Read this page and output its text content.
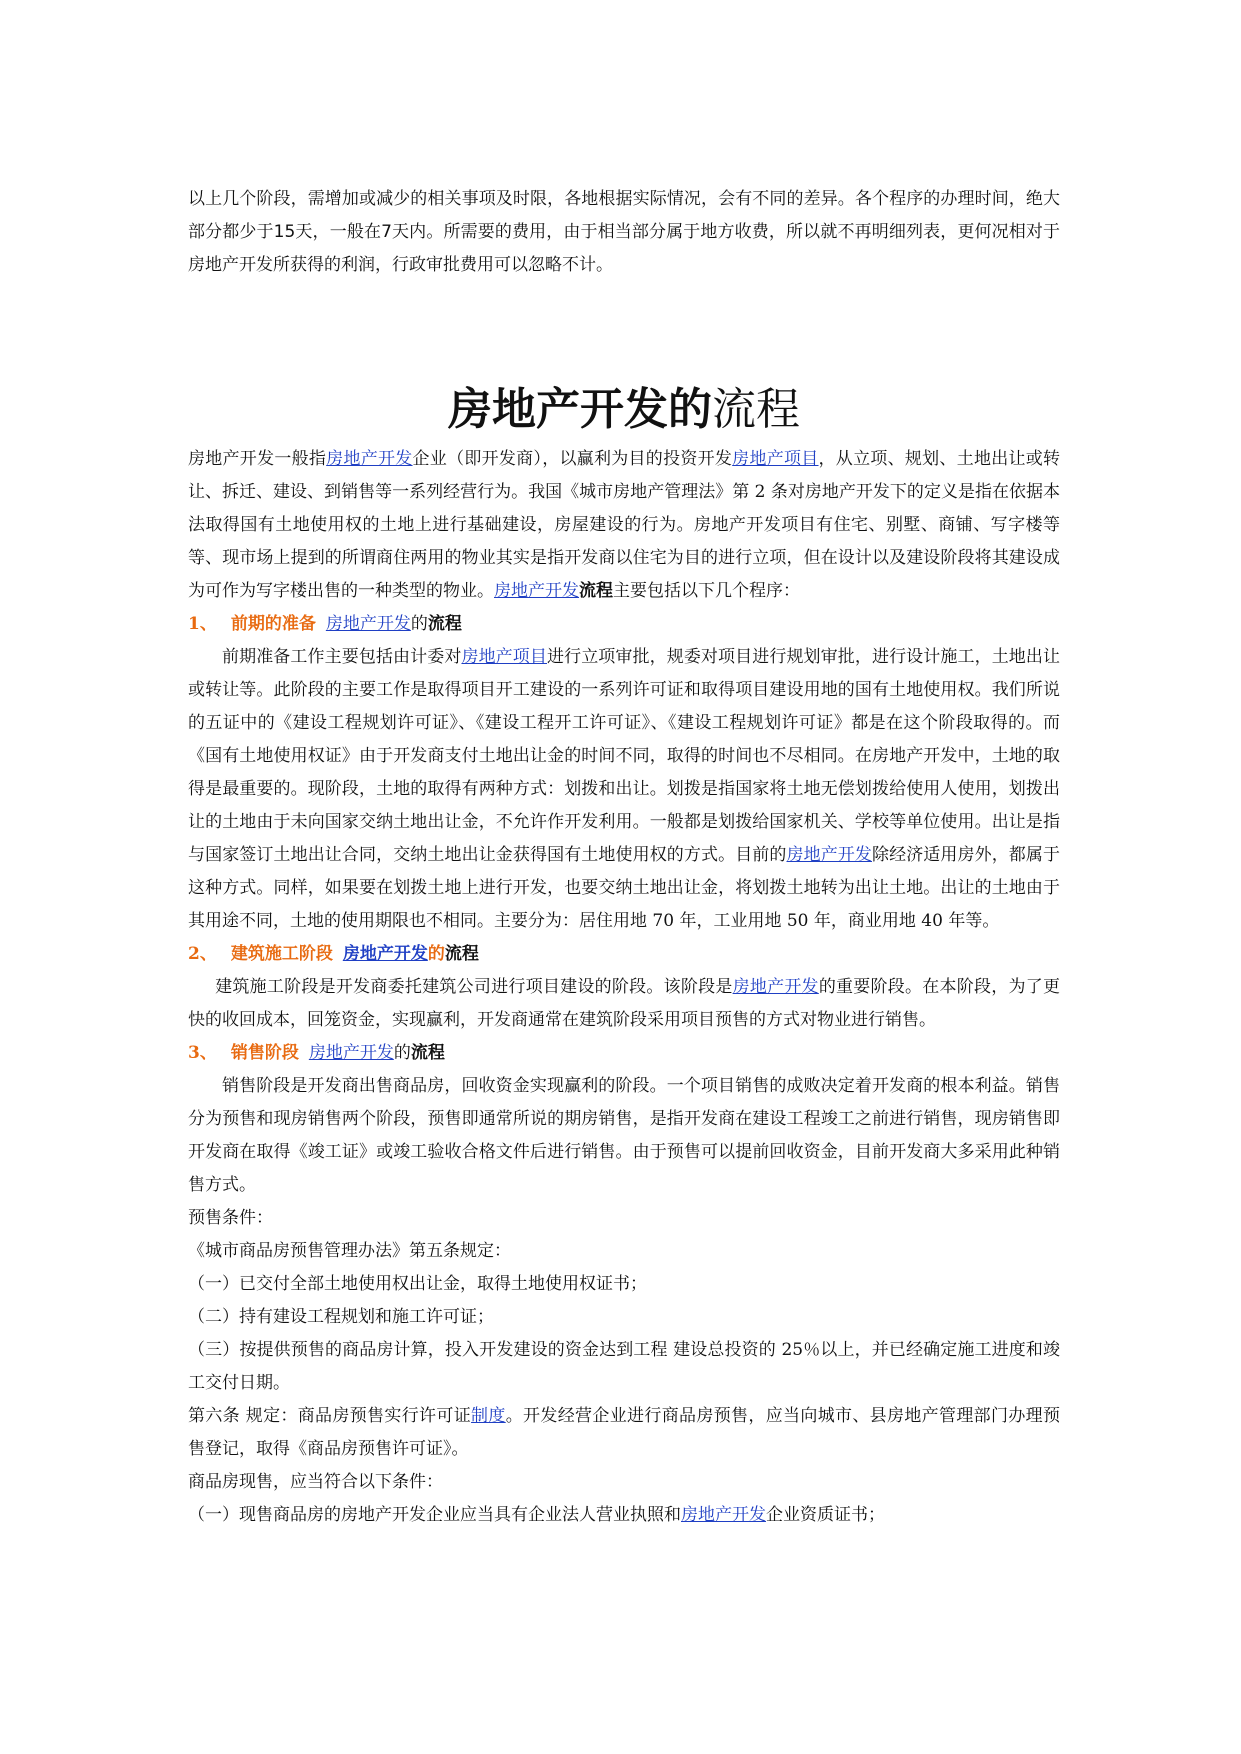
以上几个阶段，需增加或减少的相关事项及时限，各地根据实际情况，会有不同的差异。各个程序的办理时间，绝大部分都少于15天，一般在7天内。所需要的费用，由于相当部分属于地方收费，所以就不再明细列表，更何况相对于房地产开发所获得的利润，行政审批费用可以忽略不计。

房地产开发的流程

房地产开发一般指房地产开发企业（即开发商），以赢利为目的投资开发房地产项目，从立项、规划、土地出让或转让、拆迁、建设、到销售等一系列经营行为。我国《城市房地产管理法》第 2 条对房地产开发下的定义是指在依据本法取得国有土地使用权的土地上进行基础建设，房屋建设的行为。房地产开发项目有住宅、别墅、商铺、写字楼等等、现市场上提到的所谓商住两用的物业其实是指开发商以住宅为目的进行立项，但在设计以及建设阶段将其建设成为可作为写字楼出售的一种类型的物业。房地产开发流程主要包括以下几个程序：

1、 前期的准备 房地产开发的流程

前期准备工作主要包括由计委对房地产项目进行立项审批，规委对项目进行规划审批，进行设计施工，土地出让或转让等。此阶段的主要工作是取得项目开工建设的一系列许可证和取得项目建设用地的国有土地使用权。我们所说的五证中的《建设工程规划许可证》、《建设工程开工许可证》、《建设工程规划许可证》都是在这个阶段取得的。而《国有土地使用权证》由于开发商支付土地出让金的时间不同，取得的时间也不尽相同。在房地产开发中，土地的取得是最重要的。现阶段，土地的取得有两种方式：划拨和出让。划拨是指国家将土地无偿划拨给使用人使用，划拨出让的土地由于未向国家交纳土地出让金，不允许作开发利用。一般都是划拨给国家机关、学校等单位使用。出让是指与国家签订土地出让合同，交纳土地出让金获得国有土地使用权的方式。目前的房地产开发除经济适用房外，都属于这种方式。同样，如果要在划拨土地上进行开发，也要交纳土地出让金，将划拨土地转为出让土地。出让的土地由于其用途不同，土地的使用期限也不相同。主要分为：居住用地 70 年，工业用地 50 年，商业用地 40 年等。

2、 建筑施工阶段 房地产开发的流程

建筑施工阶段是开发商委托建筑公司进行项目建设的阶段。该阶段是房地产开发的重要阶段。在本阶段，为了更快的收回成本，回笼资金，实现赢利，开发商通常在建筑阶段采用项目预售的方式对物业进行销售。

3、 销售阶段 房地产开发的流程

销售阶段是开发商出售商品房，回收资金实现赢利的阶段。一个项目销售的成败决定着开发商的根本利益。销售分为预售和现房销售两个阶段，预售即通常所说的期房销售，是指开发商在建设工程竣工之前进行销售，现房销售即开发商在取得《竣工证》或竣工验收合格文件后进行销售。由于预售可以提前回收资金，目前开发商大多采用此种销售方式。

预售条件：

《城市商品房预售管理办法》第五条规定：

（一）已交付全部土地使用权出让金，取得土地使用权证书；

（二）持有建设工程规划和施工许可证；

（三）按提供预售的商品房计算，投入开发建设的资金达到工程 建设总投资的 25％以上，并已经确定施工进度和竣工交付日期。

第六条 规定：商品房预售实行许可证制度。开发经营企业进行商品房预售，应当向城市、县房地产管理部门办理预售登记，取得《商品房预售许可证》。

商品房现售，应当符合以下条件：

（一）现售商品房的房地产开发企业应当具有企业法人营业执照和房地产开发企业资质证书；
